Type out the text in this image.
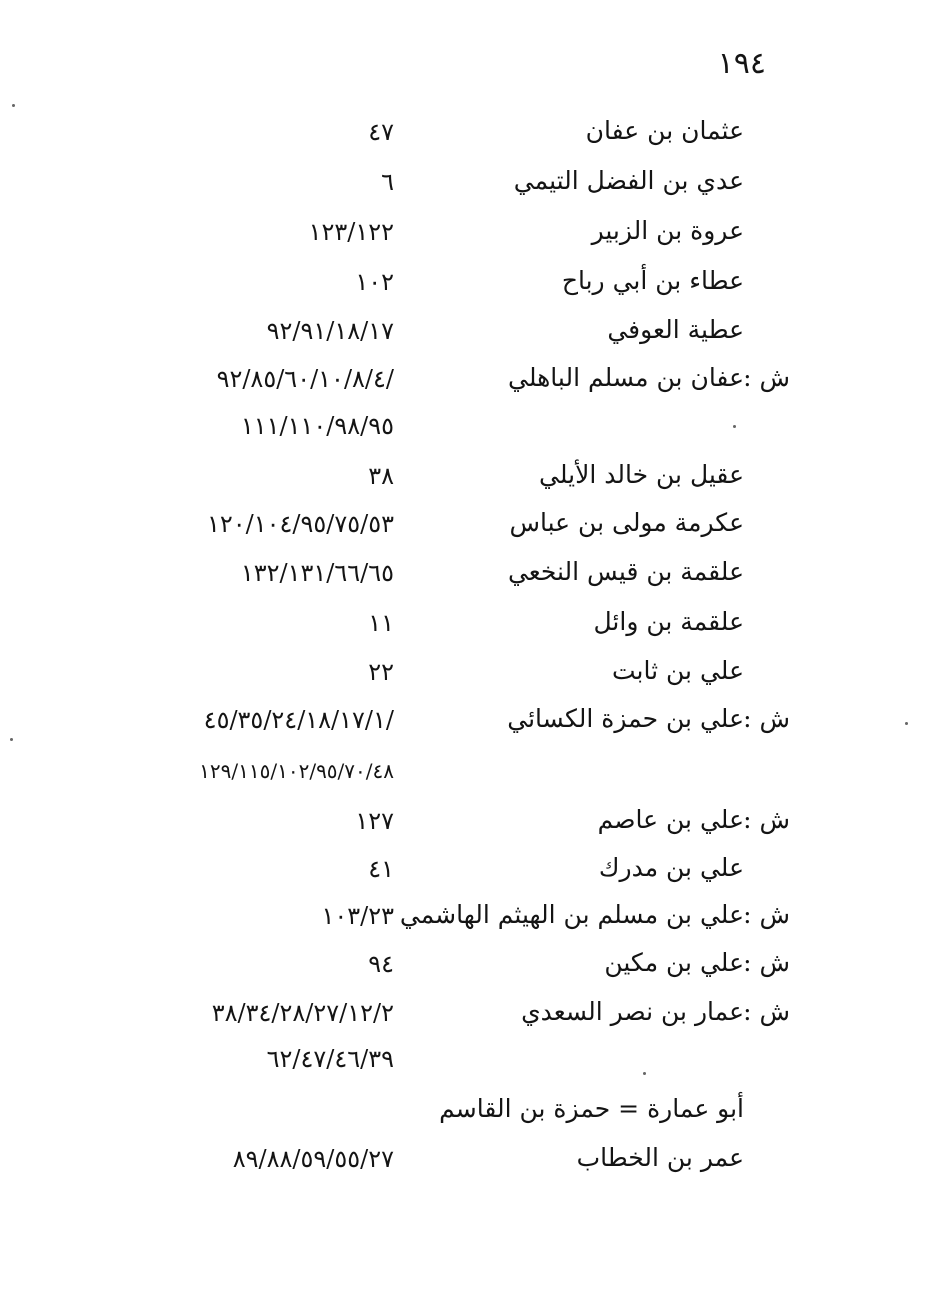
١٩٤
عثمان بن عفان
٤٧
عدي بن الفضل التيمي
٦
عروة بن الزبير
١٢٣/١٢٢
عطاء بن أبي رباح
١٠٢
عطية العوفي
٩٢/٩١/١٨/١٧
ش :
عفان بن مسلم الباهلي
/٩٢/٨٥/٦٠/١٠/٨/٤
١١١/١١٠/٩٨/٩٥
عقيل بن خالد الأيلي
٣٨
عكرمة مولى بن عباس
١٢٠/١٠٤/٩٥/٧٥/٥٣
علقمة بن قيس النخعي
١٣٢/١٣١/٦٦/٦٥
علقمة بن وائل
١١
علي بن ثابت
٢٢
ش :
علي بن حمزة الكسائي
/٤٥/٣٥/٢٤/١٨/١٧/١
١٢٩/١١٥/١٠٢/٩٥/٧٠/٤٨
ش :
علي بن عاصم
١٢٧
علي بن مدرك
٤١
ش :
علي بن مسلم بن الهيثم الهاشمي
١٠٣/٢٣
ش :
علي بن مكين
٩٤
ش :
عمار بن نصر السعدي
٣٨/٣٤/٢٨/٢٧/١٢/٢
٦٢/٤٧/٤٦/٣٩
أبو عمارة = حمزة بن القاسم
عمر بن الخطاب
٨٩/٨٨/٥٩/٥٥/٢٧
